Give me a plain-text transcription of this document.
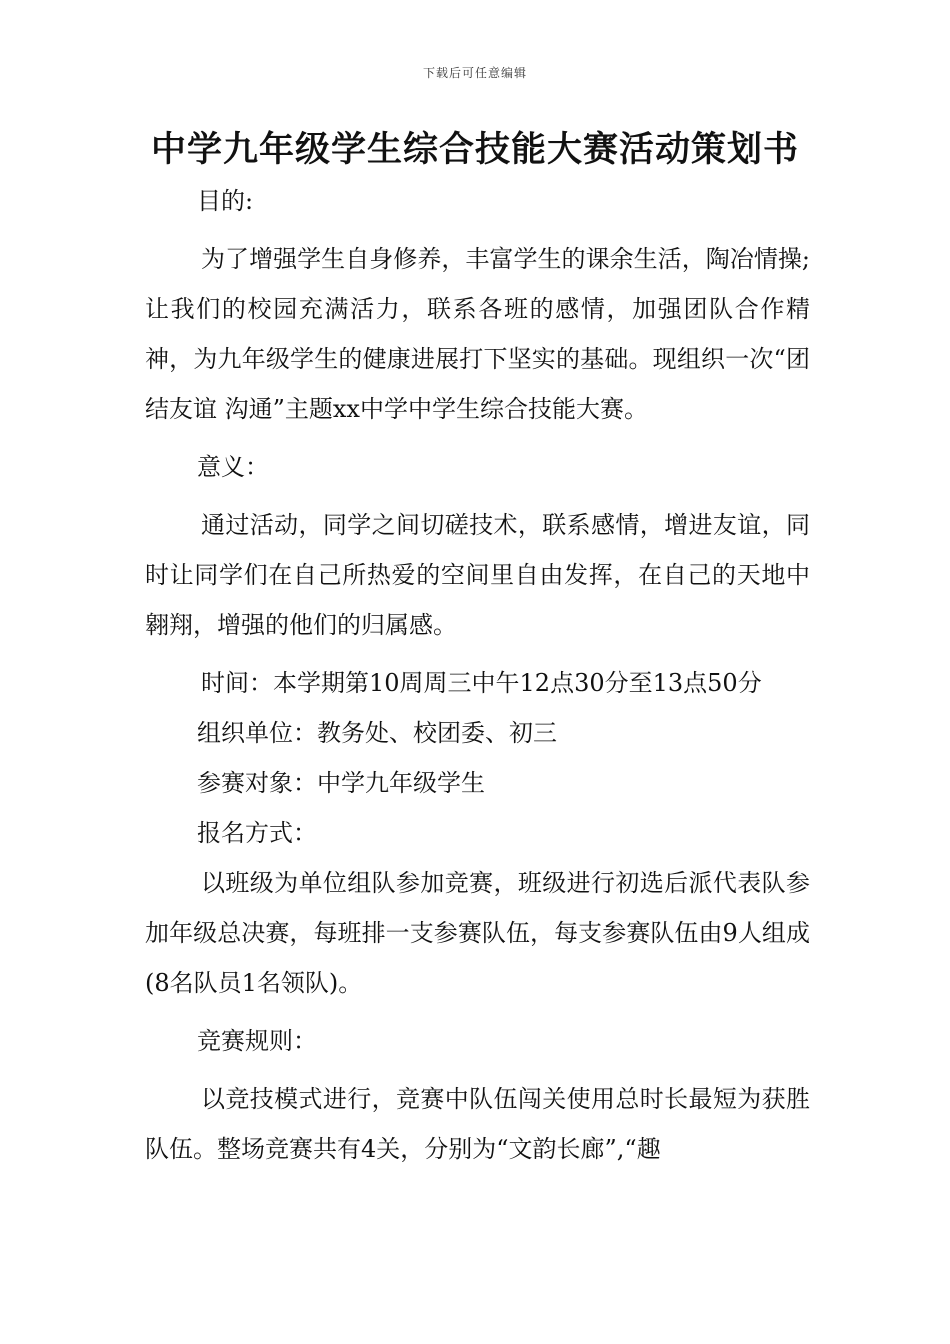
下载后可任意编辑
中学九年级学生综合技能大赛活动策划书

目的:

为了增强学生自身修养，丰富学生的课余生活，陶冶情操;让我们的校园充满活力，联系各班的感情，加强团队合作精神，为九年级学生的健康进展打下坚实的基础。现组织一次“团结友谊 沟通”主题xx中学中学生综合技能大赛。

意义：

通过活动，同学之间切磋技术，联系感情，增进友谊，同时让同学们在自己所热爱的空间里自由发挥，在自己的天地中翱翔，增强的他们的归属感。

时间：本学期第10周周三中午12点30分至13点50分

组织单位：教务处、校团委、初三

参赛对象：中学九年级学生

报名方式：

以班级为单位组队参加竞赛，班级进行初选后派代表队参加年级总决赛，每班排一支参赛队伍，每支参赛队伍由9人组成(8名队员1名领队)。

竞赛规则：

以竞技模式进行，竞赛中队伍闯关使用总时长最短为获胜队伍。整场竞赛共有4关，分别为“文韵长廊”,“趣
